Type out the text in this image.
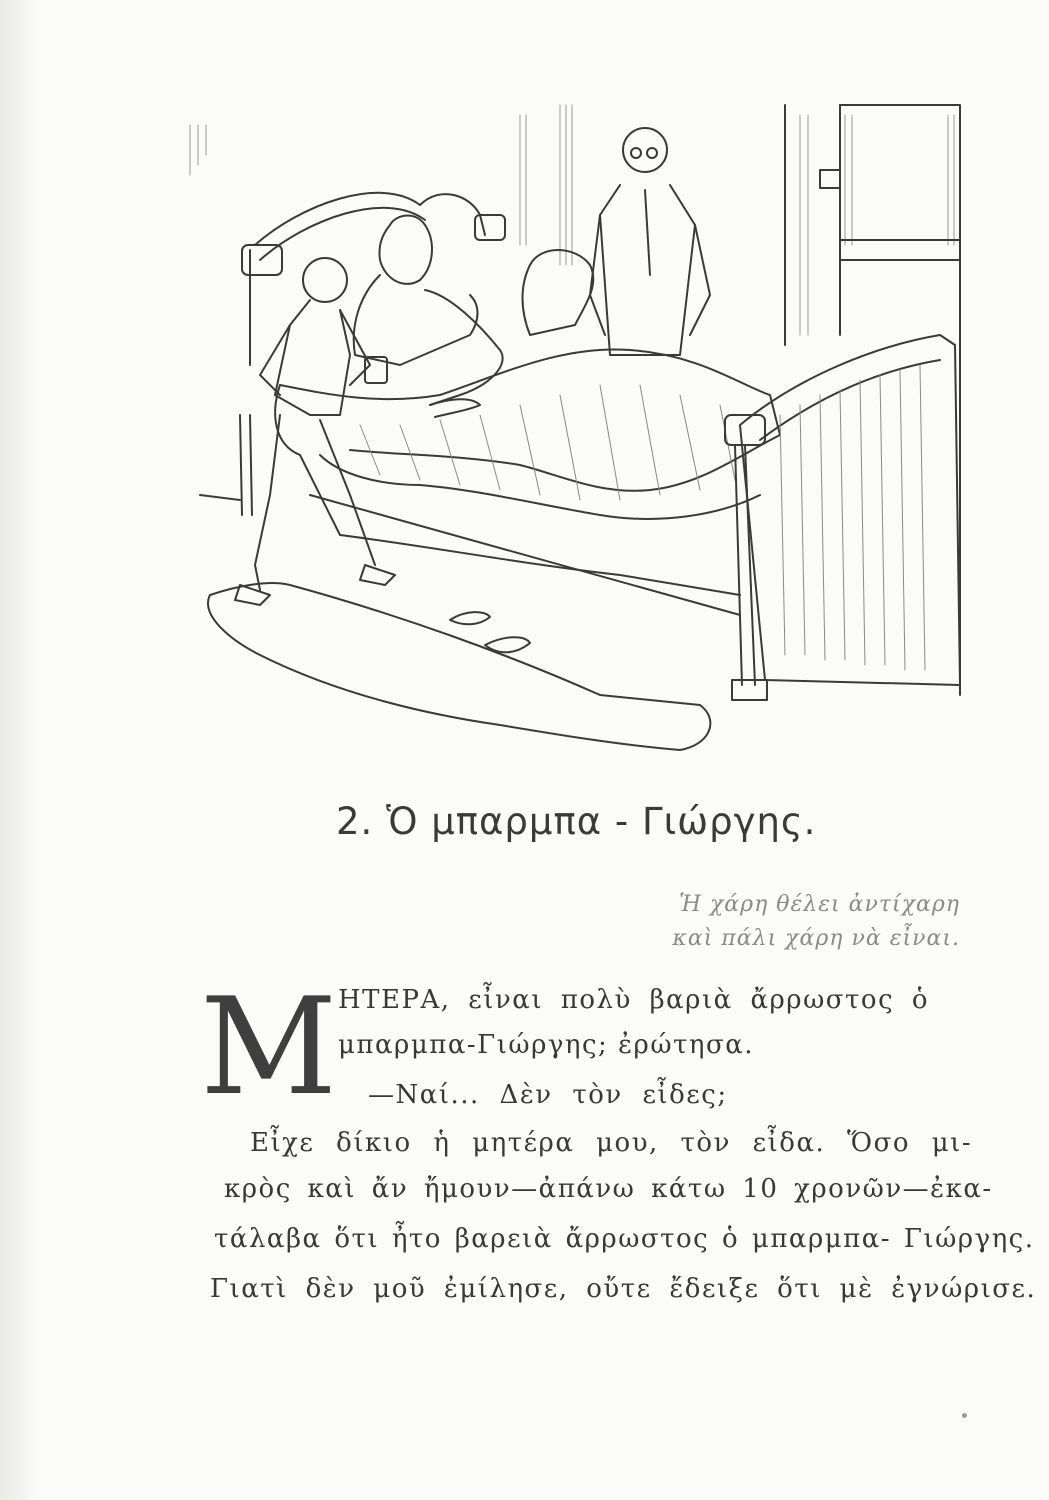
2. Ὁ μπαρμπα - Γιώργης.
Ἡ χάρη θέλει ἀντίχαρη
καὶ πάλι χάρη νὰ εἶναι.
Μ ΗΤΕΡΑ, εἶναι πολὺ βαριὰ ἄρρωστος ὁ
μπαρμπα-Γιώργης; ἐρώτησα.
—Ναί... Δὲν τὸν εἶδες;
Εἶχε δίκιο ἡ μητέρα μου, τὸν εἶδα. Ὅσο μι-
κρὸς καὶ ἄν ἤμουν—ἀπάνω κάτω 10 χρονῶν—ἐκα-
τάλαβα ὅτι ἦτο βαρειὰ ἄρρωστος ὁ μπαρμπα- Γιώργης.
Γιατὶ δὲν μοῦ ἐμίλησε, οὔτε ἔδειξε ὅτι μὲ ἐγνώρισε.
